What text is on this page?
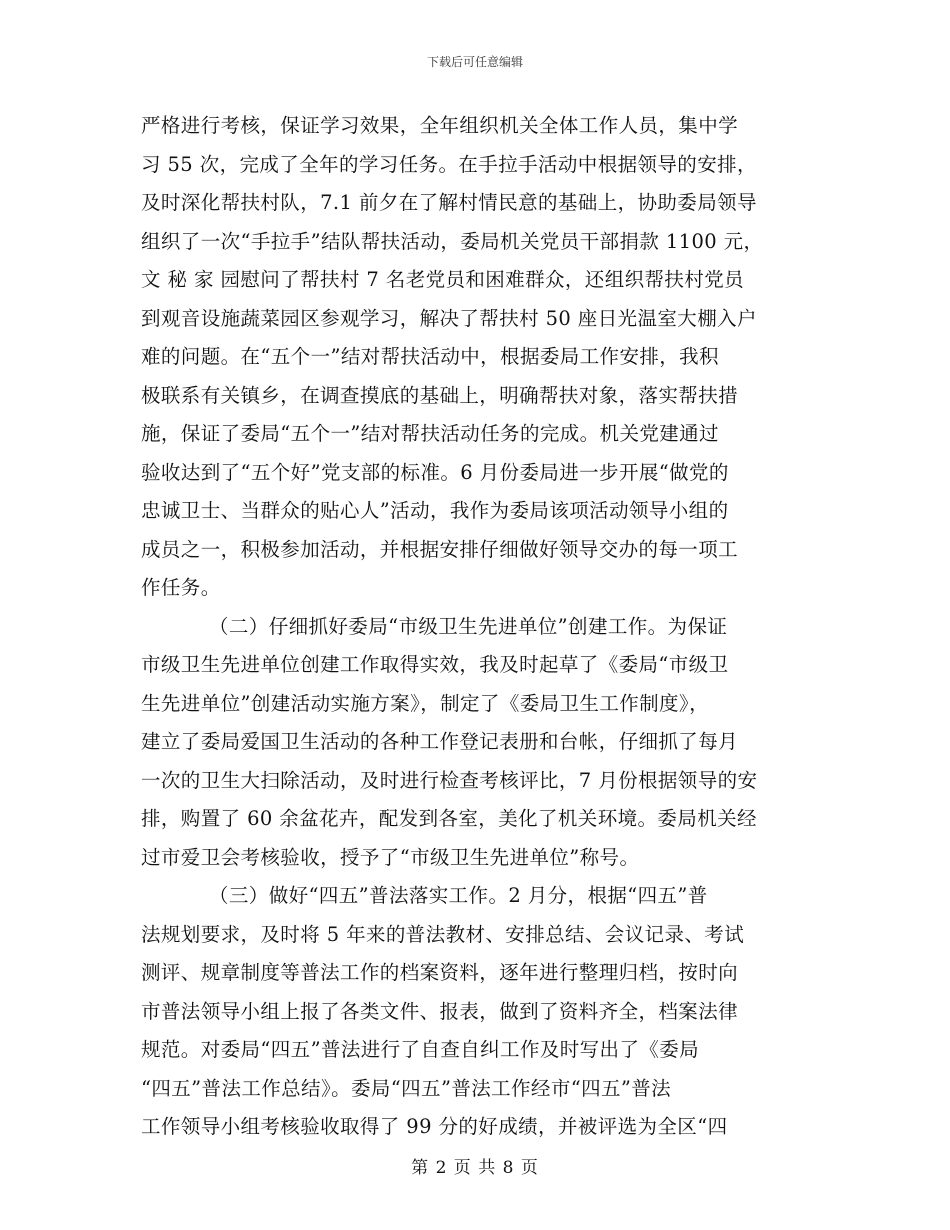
下载后可任意编辑
严格进行考核，保证学习效果，全年组织机关全体工作人员，集中学
习 55 次，完成了全年的学习任务。在手拉手活动中根据领导的安排，
及时深化帮扶村队，7.1 前夕在了解村情民意的基础上，协助委局领导
组织了一次“手拉手”结队帮扶活动，委局机关党员干部捐款 1100 元，
文 秘 家 园慰问了帮扶村 7 名老党员和困难群众，还组织帮扶村党员
到观音设施蔬菜园区参观学习，解决了帮扶村 50 座日光温室大棚入户
难的问题。在“五个一”结对帮扶活动中，根据委局工作安排，我积
极联系有关镇乡，在调查摸底的基础上，明确帮扶对象，落实帮扶措
施，保证了委局“五个一”结对帮扶活动任务的完成。机关党建通过
验收达到了“五个好”党支部的标准。6 月份委局进一步开展“做党的
忠诚卫士、当群众的贴心人”活动，我作为委局该项活动领导小组的
成员之一，积极参加活动，并根据安排仔细做好领导交办的每一项工
作任务。
（二）仔细抓好委局“市级卫生先进单位”创建工作。为保证
市级卫生先进单位创建工作取得实效，我及时起草了《委局“市级卫
生先进单位”创建活动实施方案》，制定了《委局卫生工作制度》，
建立了委局爱国卫生活动的各种工作登记表册和台帐，仔细抓了每月
一次的卫生大扫除活动，及时进行检查考核评比，7 月份根据领导的安
排，购置了 60 余盆花卉，配发到各室，美化了机关环境。委局机关经
过市爱卫会考核验收，授予了“市级卫生先进单位”称号。
（三）做好“四五”普法落实工作。2 月分，根据“四五”普
法规划要求，及时将 5 年来的普法教材、安排总结、会议记录、考试
测评、规章制度等普法工作的档案资料，逐年进行整理归档，按时向
市普法领导小组上报了各类文件、报表，做到了资料齐全，档案法律
规范。对委局“四五”普法进行了自查自纠工作及时写出了《委局
“四五”普法工作总结》。委局“四五”普法工作经市“四五”普法
工作领导小组考核验收取得了 99 分的好成绩，并被评选为全区“四
第 2 页 共 8 页
